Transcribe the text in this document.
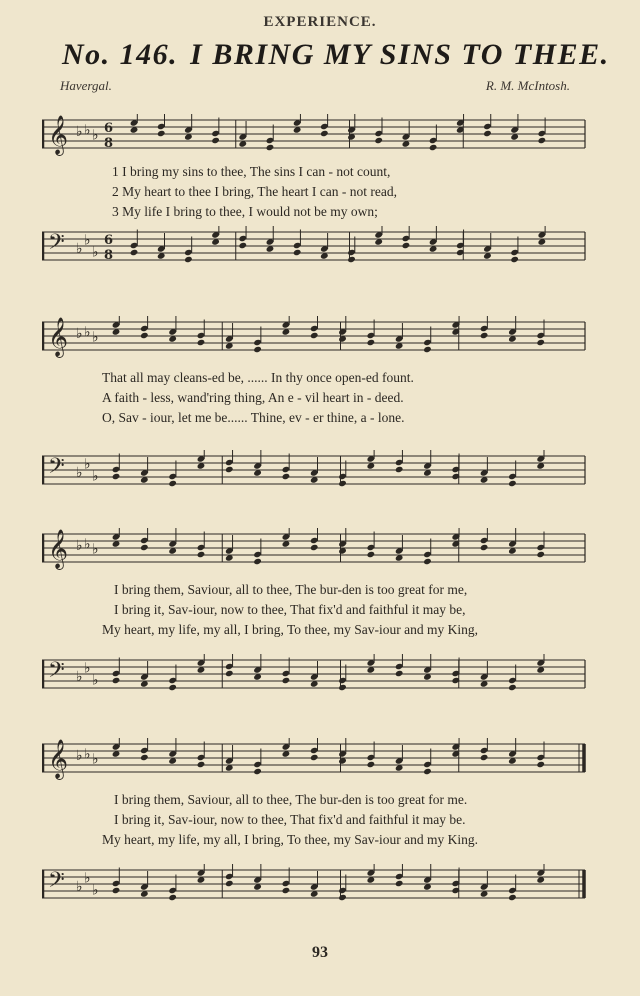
EXPERIENCE.
No. 146. I BRING MY SINS TO THEE.
Havergal.	R. M. McIntosh.
𝄞 ♭ ♭ ♭ 6
8
1 I bring my sins to thee, The sins I can - not count,
2 My heart to thee I bring, The heart I can - not read,
3 My life I bring to thee, I would not be my own;
𝄢 ♭
♭
♭
6
8
𝄞 ♭ ♭ ♭
That all may cleans-ed be, ...... In thy once open-ed fount.
A faith - less, wand'ring thing, An e - vil heart in - deed.
O, Sav - iour, let me be...... Thine, ev - er thine, a - lone.
𝄢 ♭
♭
♭
𝄞 ♭ ♭ ♭
I bring them, Saviour, all to thee, The bur-den is too great for me,
I bring it, Sav-iour, now to thee, That fix'd and faithful it may be,
My heart, my life, my all, I bring, To thee, my Sav-iour and my King,
𝄢 ♭
♭
♭
𝄞 ♭ ♭ ♭
I bring them, Saviour, all to thee, The bur-den is too great for me.
I bring it, Sav-iour, now to thee, That fix'd and faithful it may be.
My heart, my life, my all, I bring, To thee, my Sav-iour and my King.
𝄢 ♭
♭
♭
93
